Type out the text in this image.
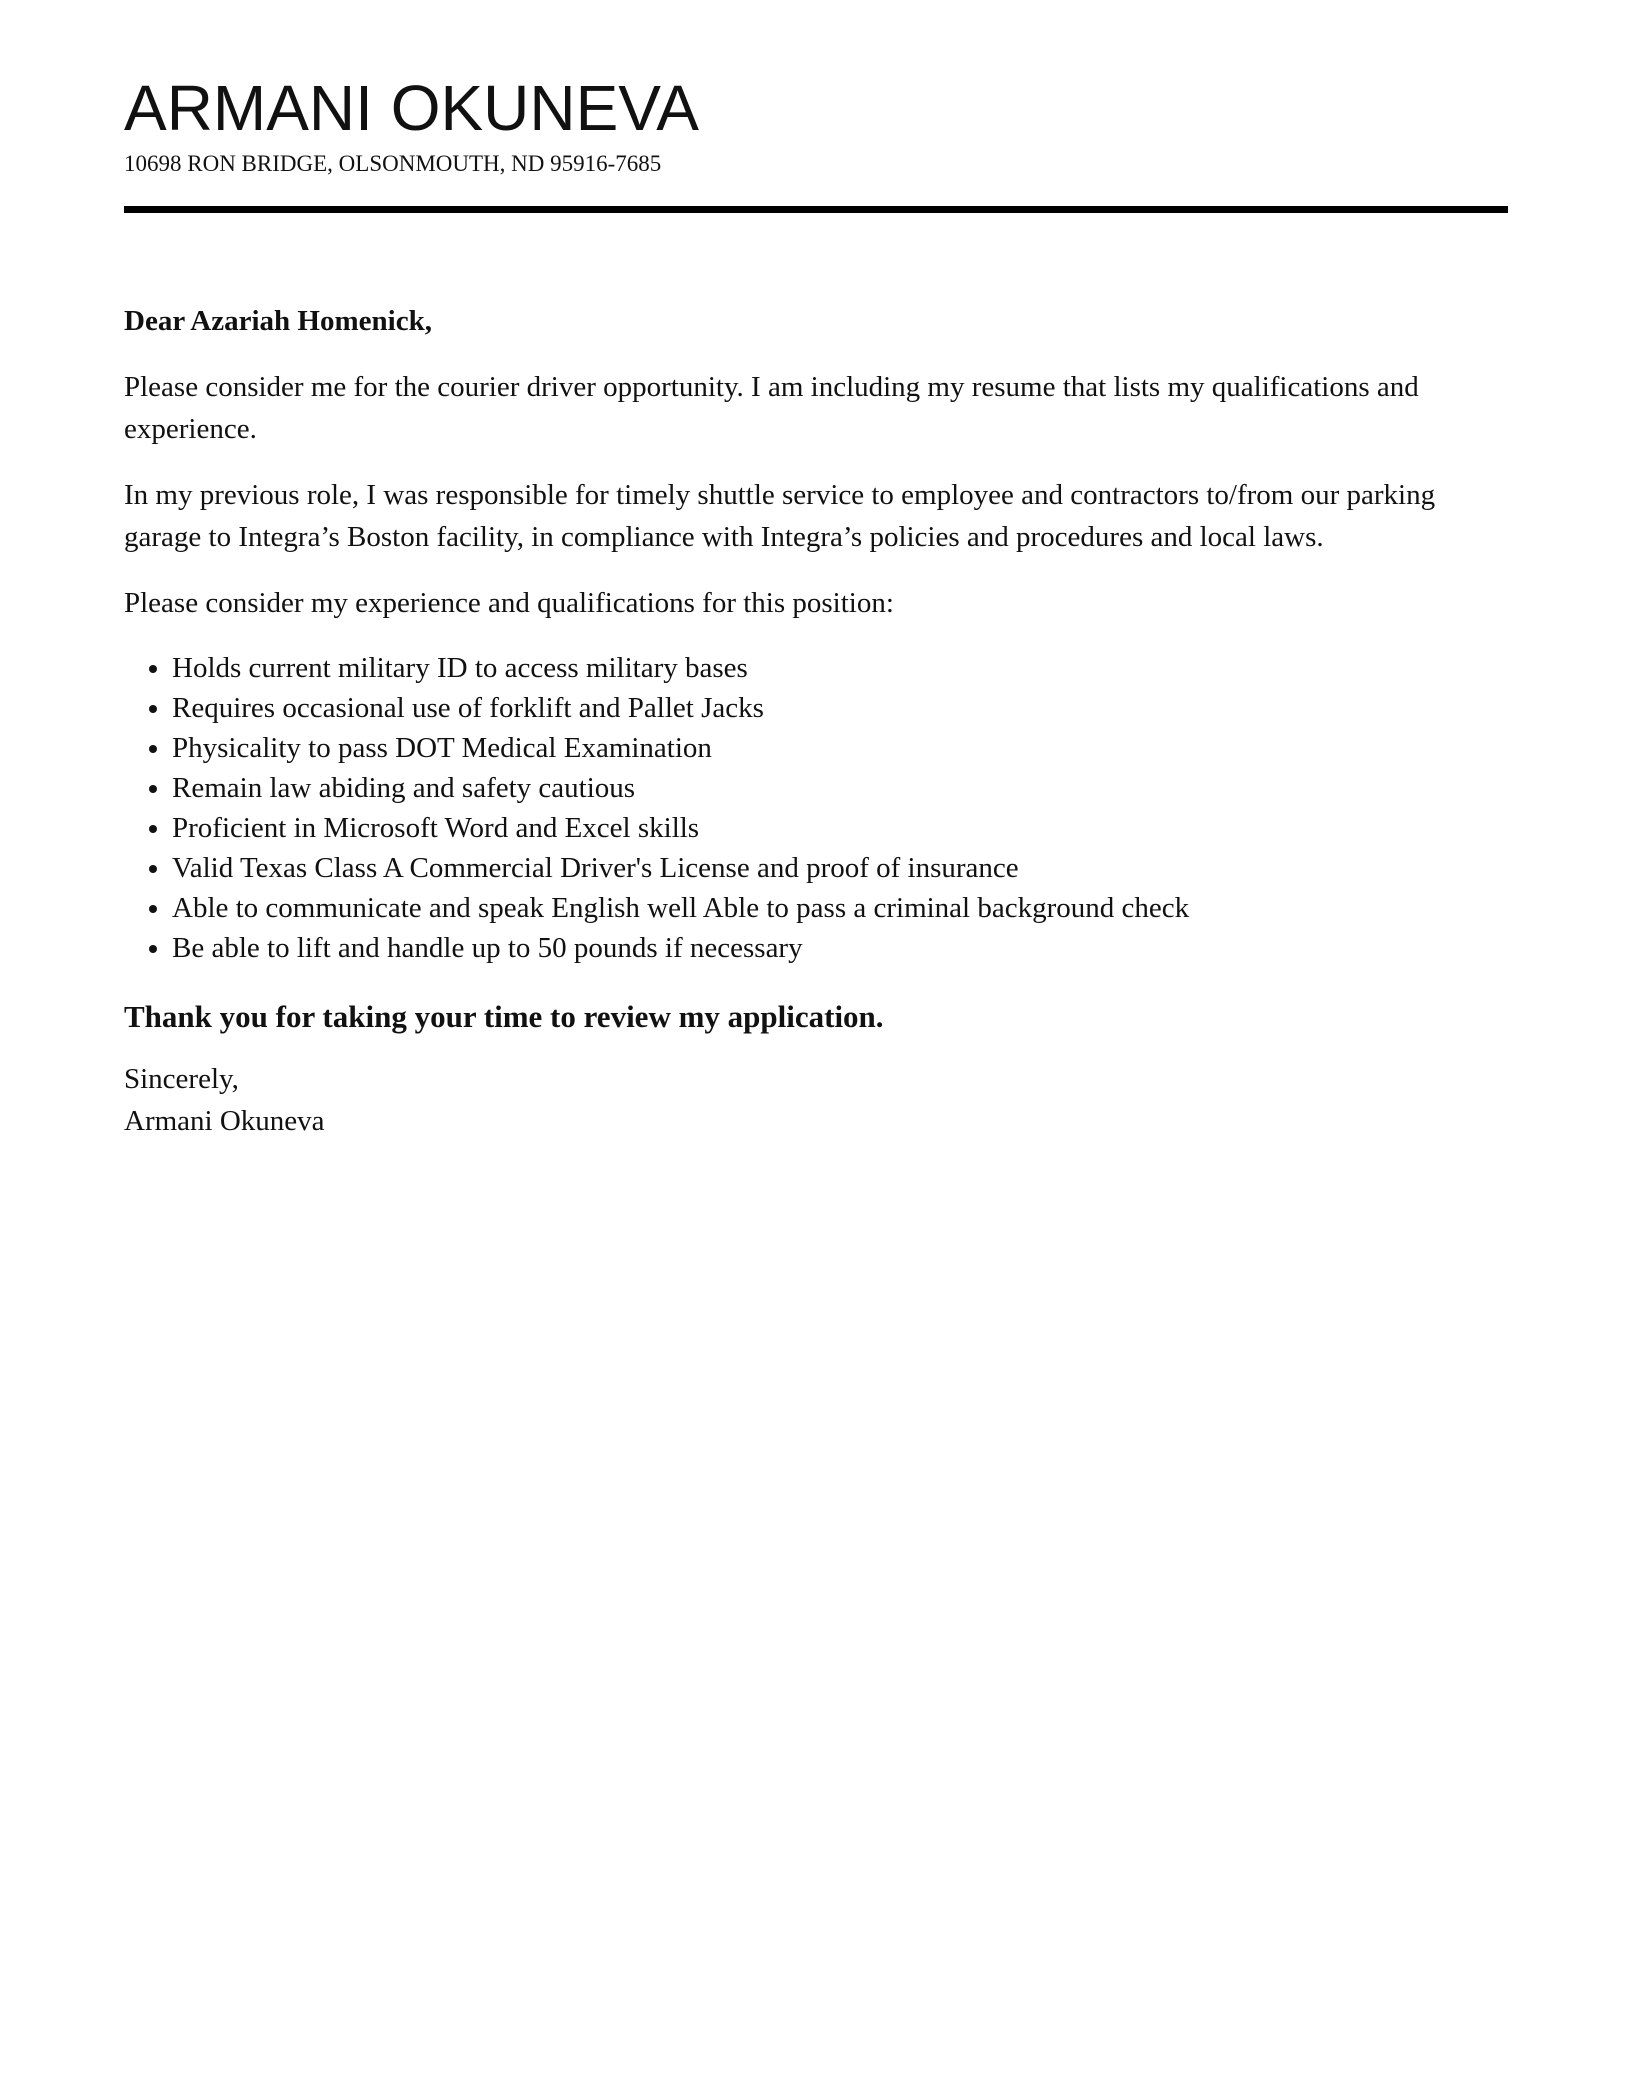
ARMANI OKUNEVA
10698 RON BRIDGE, OLSONMOUTH, ND 95916-7685

Dear Azariah Homenick,

Please consider me for the courier driver opportunity. I am including my resume that lists my qualifications and experience.

In my previous role, I was responsible for timely shuttle service to employee and contractors to/from our parking garage to Integra’s Boston facility, in compliance with Integra’s policies and procedures and local laws.

Please consider my experience and qualifications for this position:

• Holds current military ID to access military bases
• Requires occasional use of forklift and Pallet Jacks
• Physicality to pass DOT Medical Examination
• Remain law abiding and safety cautious
• Proficient in Microsoft Word and Excel skills
• Valid Texas Class A Commercial Driver's License and proof of insurance
• Able to communicate and speak English well Able to pass a criminal background check
• Be able to lift and handle up to 50 pounds if necessary

Thank you for taking your time to review my application.

Sincerely,
Armani Okuneva
